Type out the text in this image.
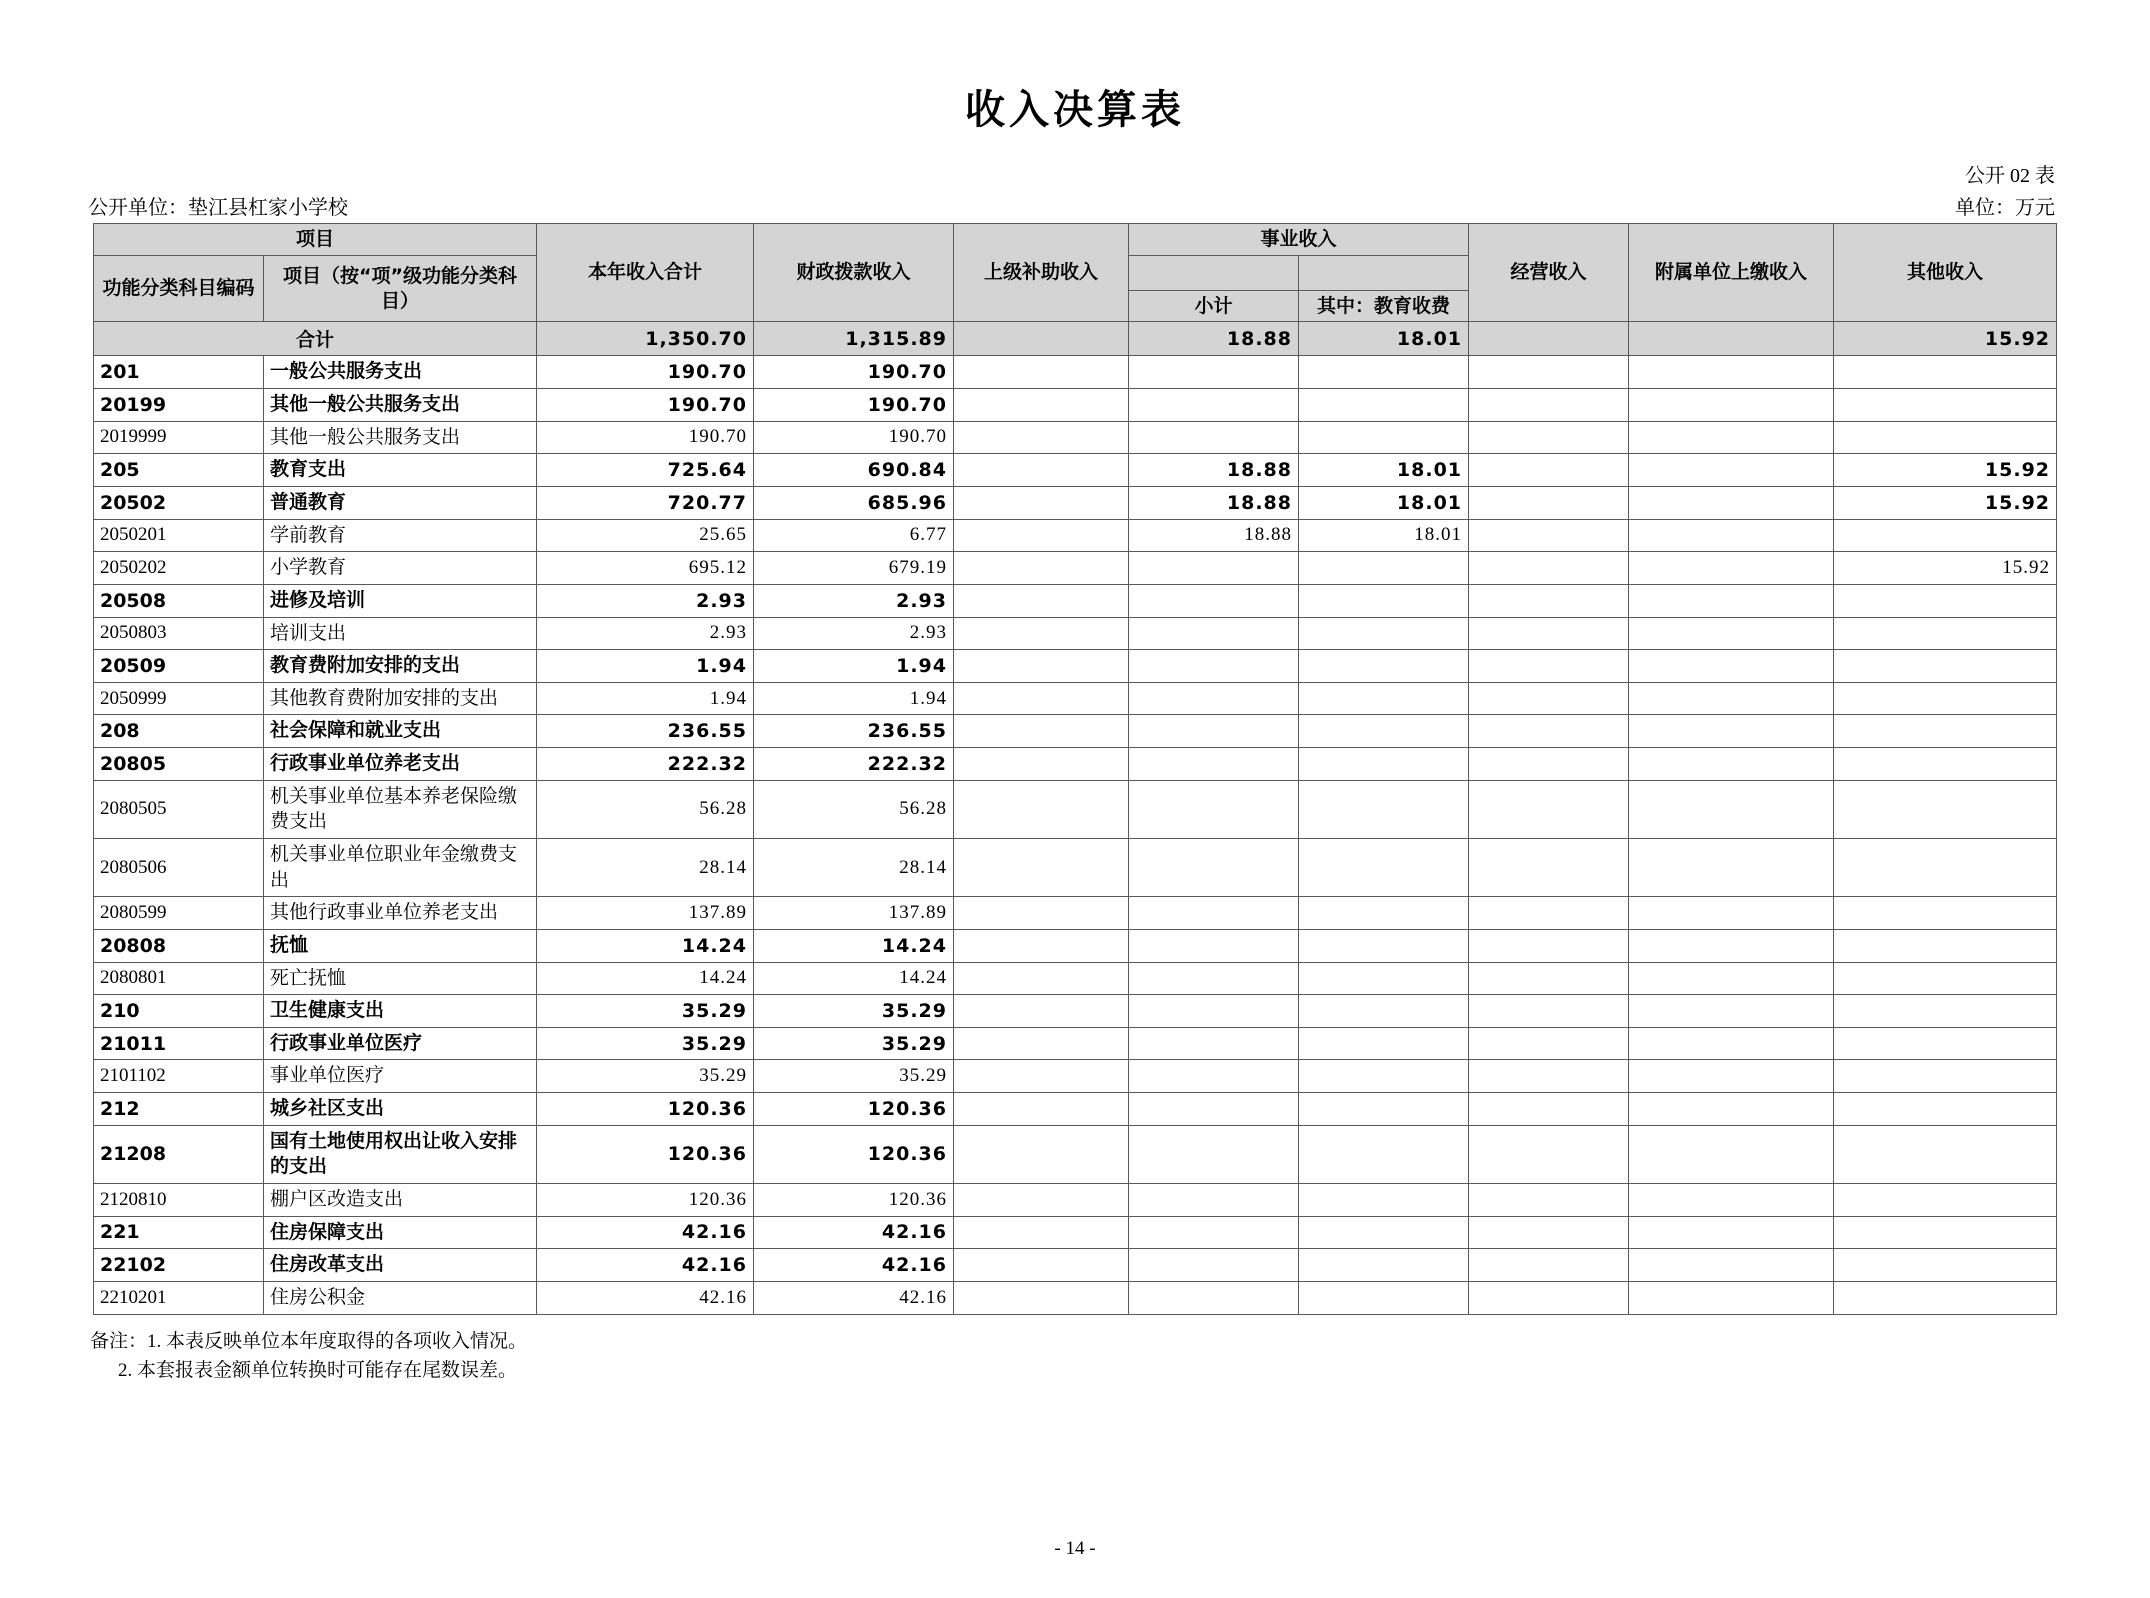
收入决算表
公开 02 表
公开单位：垫江县杠家小学校	单位：万元
项目		本年收入合计	财政拨款收入	上级补助收入	事业收入		经营收入	附属单位上缴收入	其他收入
功能分类科目编码	项目（按“项”级功能分类科目）								
					小计	其中：教育收费			
合计		1,350.70	1,315.89		18.88	18.01			15.92
201	一般公共服务支出	190.70	190.70						
20199	其他一般公共服务支出	190.70	190.70						
2019999	其他一般公共服务支出	190.70	190.70						
205	教育支出	725.64	690.84		18.88	18.01			15.92
20502	普通教育	720.77	685.96		18.88	18.01			15.92
2050201	学前教育	25.65	6.77		18.88	18.01			
2050202	小学教育	695.12	679.19						15.92
20508	进修及培训	2.93	2.93						
2050803	培训支出	2.93	2.93						
20509	教育费附加安排的支出	1.94	1.94						
2050999	其他教育费附加安排的支出	1.94	1.94						
208	社会保障和就业支出	236.55	236.55						
20805	行政事业单位养老支出	222.32	222.32						
2080505	机关事业单位基本养老保险缴费支出	56.28	56.28						
2080506	机关事业单位职业年金缴费支出	28.14	28.14						
2080599	其他行政事业单位养老支出	137.89	137.89						
20808	抚恤	14.24	14.24						
2080801	死亡抚恤	14.24	14.24						
210	卫生健康支出	35.29	35.29						
21011	行政事业单位医疗	35.29	35.29						
2101102	事业单位医疗	35.29	35.29						
212	城乡社区支出	120.36	120.36						
21208	国有土地使用权出让收入安排的支出	120.36	120.36						
2120810	棚户区改造支出	120.36	120.36						
221	住房保障支出	42.16	42.16						
22102	住房改革支出	42.16	42.16						
2210201	住房公积金	42.16	42.16						
备注：1. 本表反映单位本年度取得的各项收入情况。
2. 本套报表金额单位转换时可能存在尾数误差。
- 14 -
